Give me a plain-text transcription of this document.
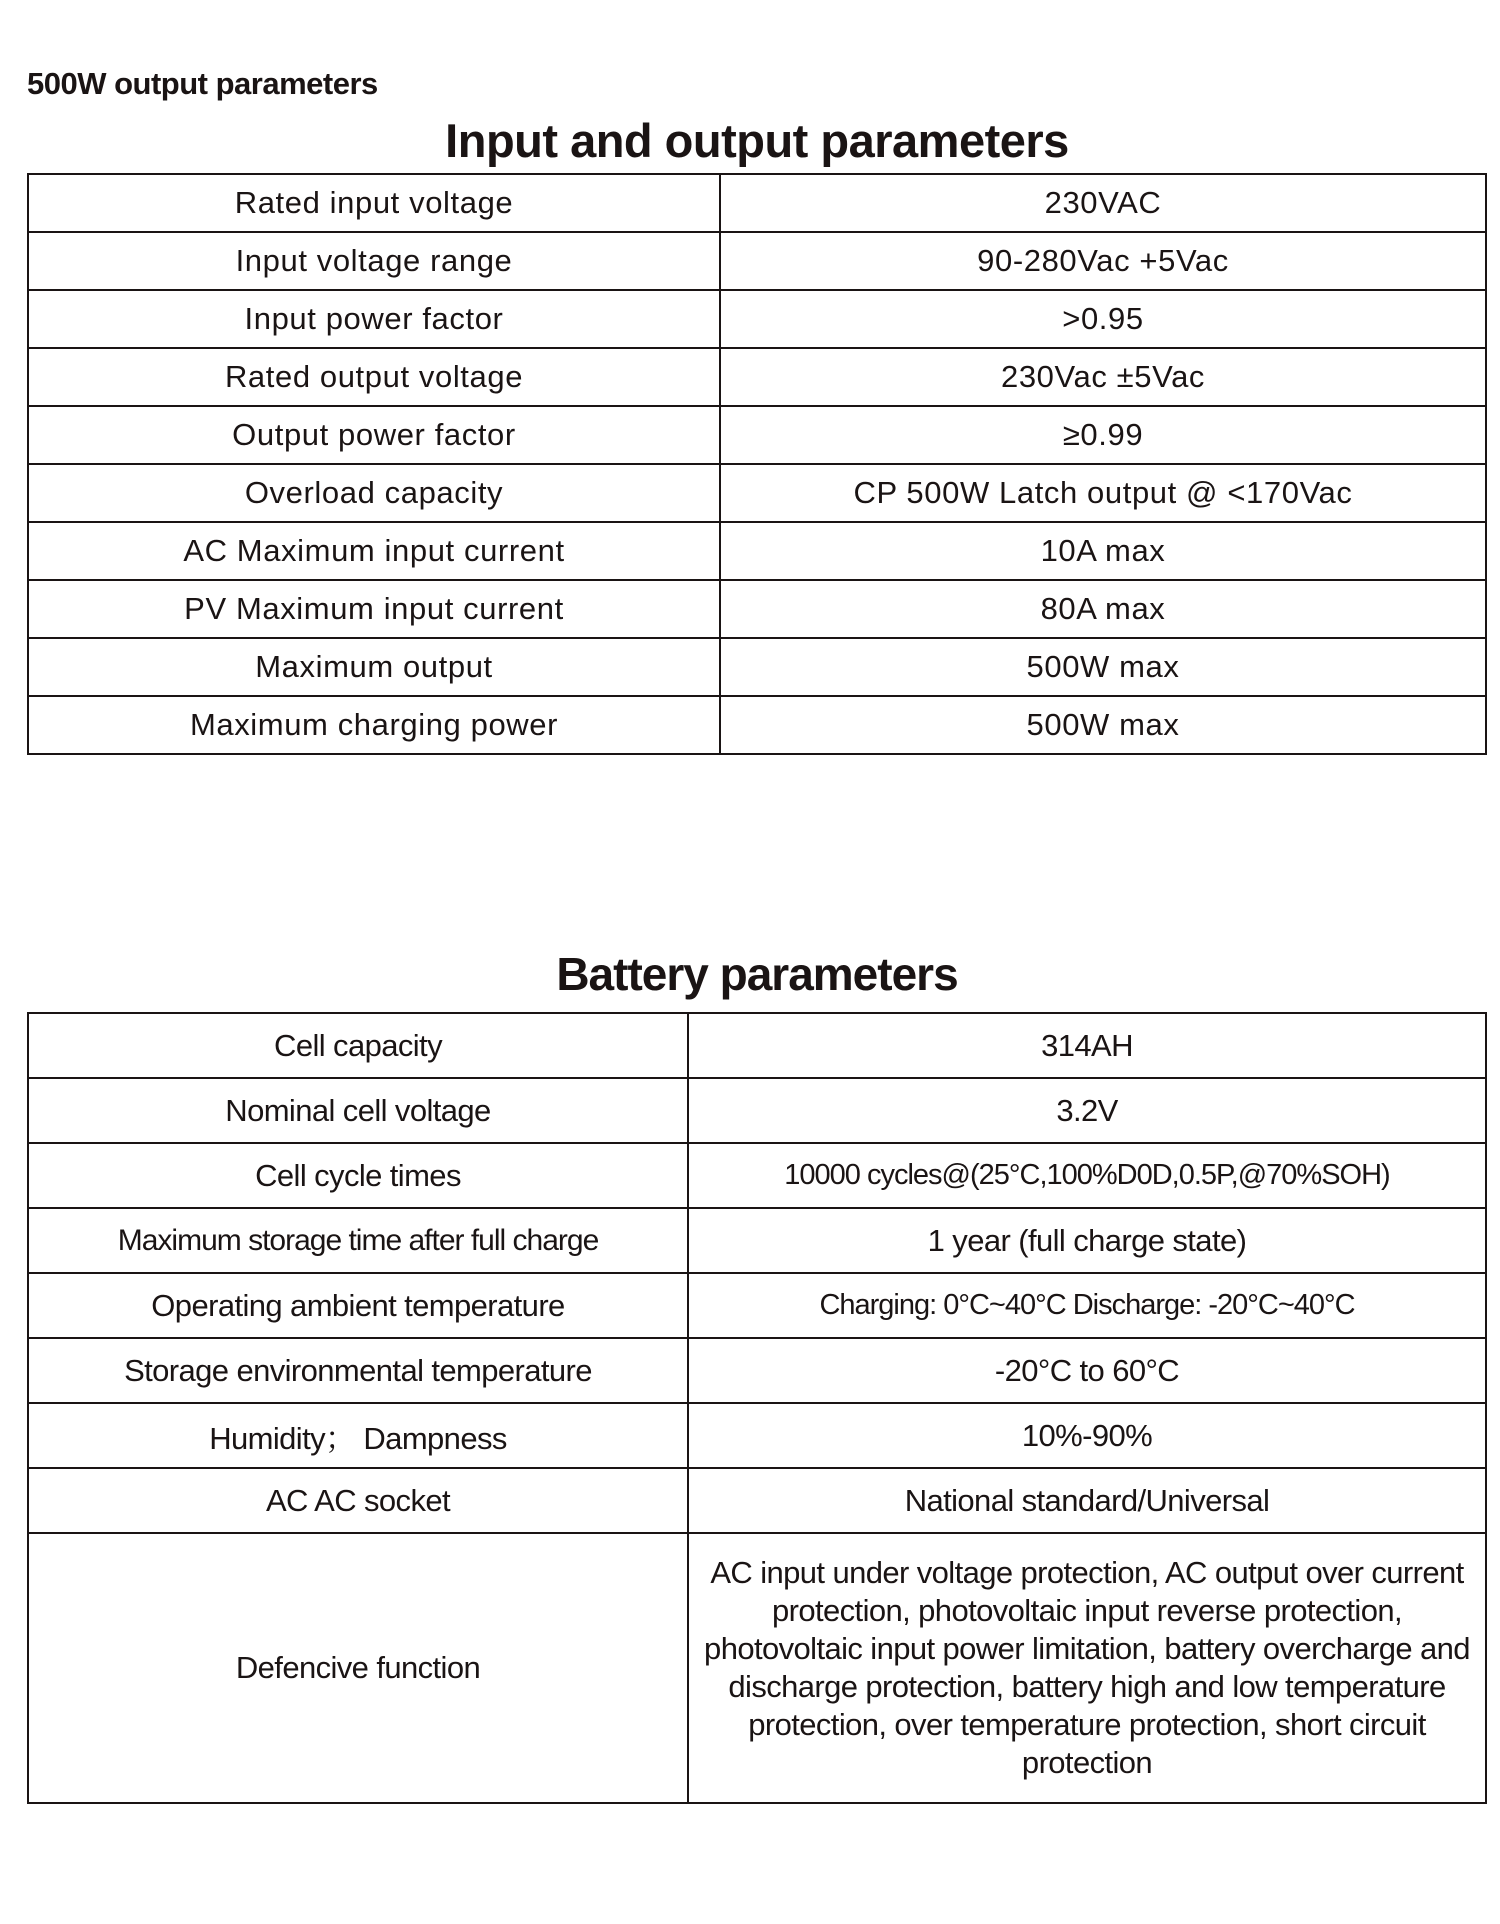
500W output parameters
Input and output parameters
Rated input voltage	230VAC
Input voltage range	90-280Vac +5Vac
Input power factor	>0.95
Rated output voltage	230Vac ±5Vac
Output power factor	≥0.99
Overload capacity	CP 500W Latch output @ <170Vac
AC Maximum input current	10A max
PV Maximum input current	80A max
Maximum output	500W max
Maximum charging power	500W max
Battery parameters
Cell capacity	314AH
Nominal cell voltage	3.2V
Cell cycle times	10000 cycles@(25°C,100%D0D,0.5P,@70%SOH)
Maximum storage time after full charge	1 year (full charge state)
Operating ambient temperature	Charging: 0°C~40°C Discharge: -20°C~40°C
Storage environmental temperature	-20°C to 60°C
Humidity； Dampness	10%-90%
AC AC socket	National standard/Universal
Defencive function	AC input under voltage protection, AC output over current protection, photovoltaic input reverse protection, photovoltaic input power limitation, battery overcharge and discharge protection, battery high and low temperature protection, over temperature protection, short circuit protection
